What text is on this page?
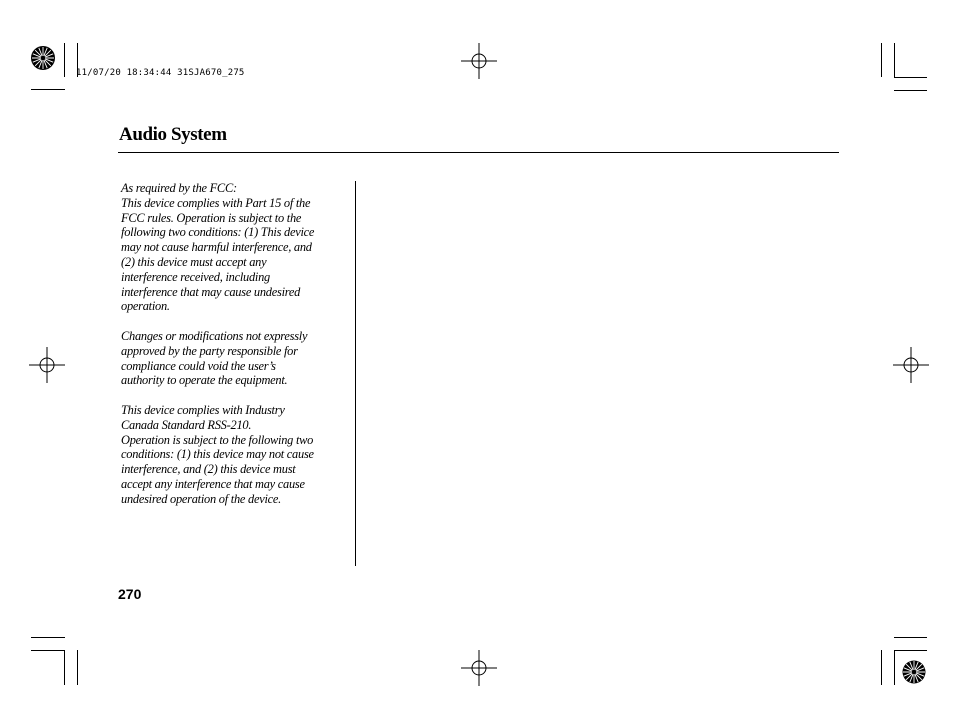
11/07/20 18:34:44 31SJA670_275
Audio System

As required by the FCC:

This device complies with Part 15 of the
FCC rules. Operation is subject to the
following two conditions: (1) This device
may not cause harmful interference, and
(2) this device must accept any
interference received, including
interference that may cause undesired
operation.

Changes or modifications not expressly
approved by the party responsible for
compliance could void the user’s
authority to operate the equipment.

This device complies with Industry
Canada Standard RSS-210.

Operation is subject to the following two
conditions: (1) this device may not cause
interference, and (2) this device must
accept any interference that may cause
undesired operation of the device.

270
